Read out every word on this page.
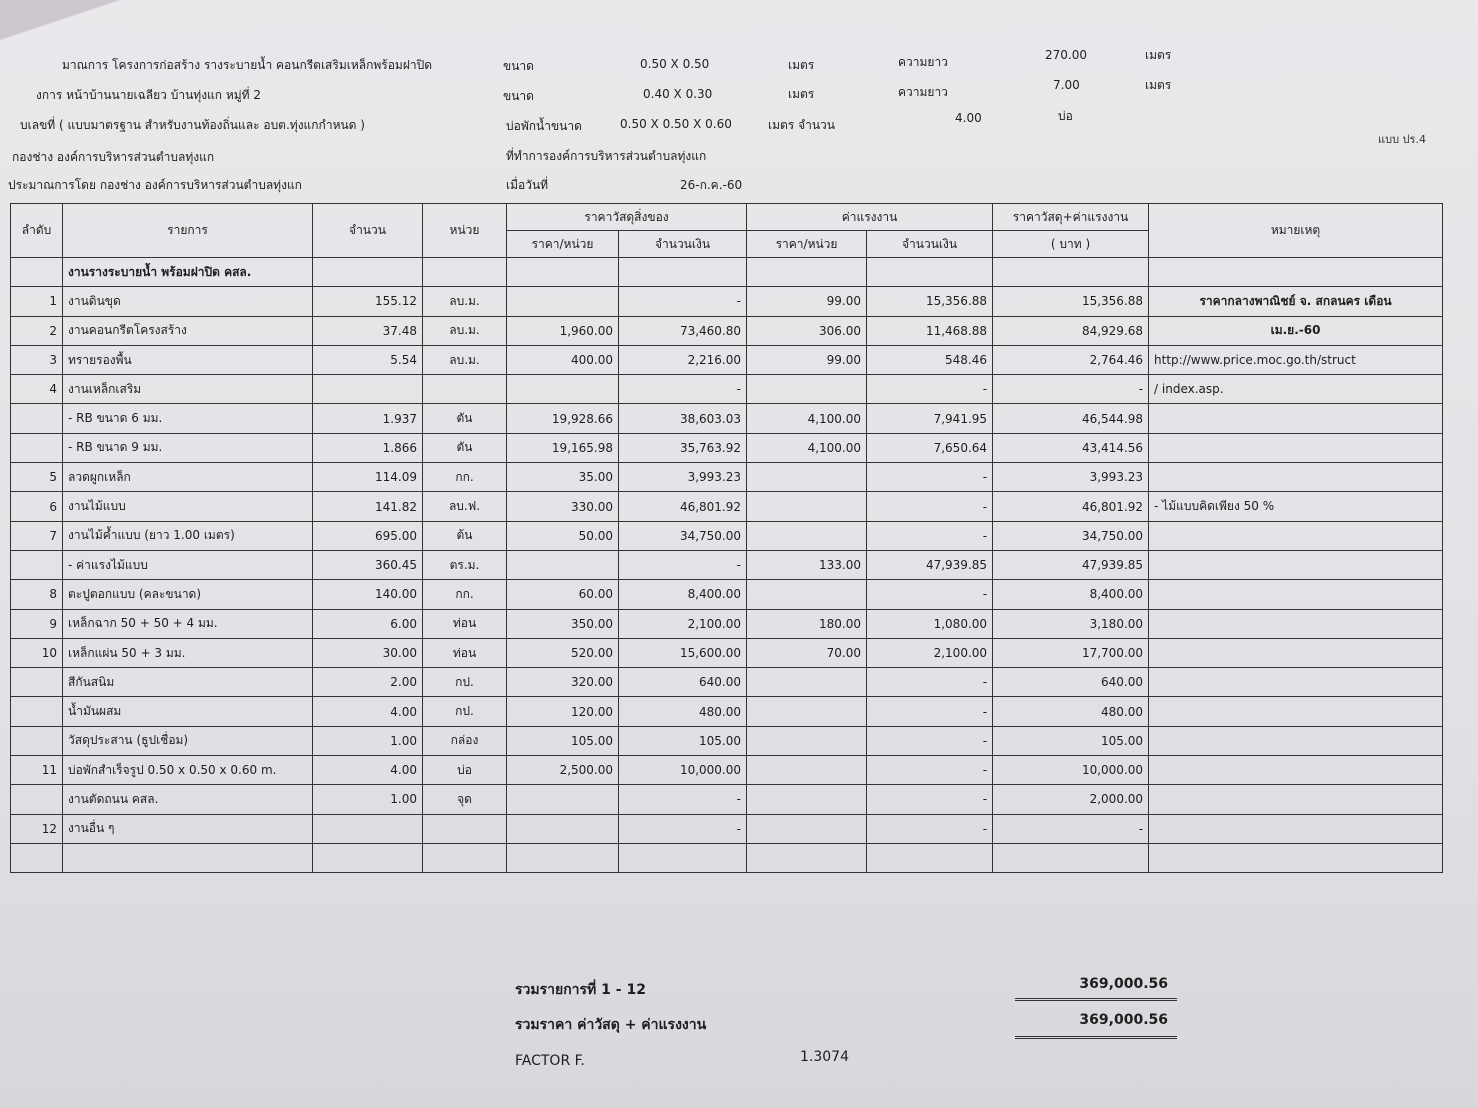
มาณการ โครงการก่อสร้าง รางระบายน้ำ คอนกรีตเสริมเหล็กพร้อมฝาปิด
งการ หน้าบ้านนายเฉลียว บ้านทุ่งแก หมู่ที่ 2
บเลขที่ ( แบบมาตรฐาน สำหรับงานท้องถิ่นและ อบต.ทุ่งแกกำหนด )
กองช่าง องค์การบริหารส่วนตำบลทุ่งแก
ประมาณการโดย กองช่าง องค์การบริหารส่วนตำบลทุ่งแก
ขนาด	0.50 X 0.50	เมตร	ความยาว	270.00	เมตร
ขนาด	0.40 X 0.30	เมตร	ความยาว	7.00	เมตร
บ่อพักน้ำขนาด	0.50 X 0.50 X 0.60	เมตร จำนวน	4.00	บ่อ
ที่ทำการองค์การบริหารส่วนตำบลทุ่งแก
เมื่อวันที่	26-ก.ค.-60
แบบ ปร.4
ลำดับ	รายการ	จำนวน	หน่วย	ราคาวัสดุสิ่งของ		ค่าแรงงาน		ราคาวัสดุ+ค่าแรงงาน	หมายเหตุ
				ราคา/หน่วย	จำนวนเงิน	ราคา/หน่วย	จำนวนเงิน	( บาท )	
	งานรางระบายน้ำ พร้อมฝาปิด คสล.								
1	งานดินขุด	155.12	ลบ.ม.		-	99.00	15,356.88	15,356.88	ราคากลางพาณิชย์ จ. สกลนคร เดือน
2	งานคอนกรีตโครงสร้าง	37.48	ลบ.ม.	1,960.00	73,460.80	306.00	11,468.88	84,929.68	เม.ย.-60
3	ทรายรองพื้น	5.54	ลบ.ม.	400.00	2,216.00	99.00	548.46	2,764.46	http://www.price.moc.go.th/struct
4	งานเหล็กเสริม				-		-	-	/ index.asp.
	- RB ขนาด 6 มม.	1.937	ตัน	19,928.66	38,603.03	4,100.00	7,941.95	46,544.98	
	- RB ขนาด 9 มม.	1.866	ตัน	19,165.98	35,763.92	4,100.00	7,650.64	43,414.56	
5	ลวดผูกเหล็ก	114.09	กก.	35.00	3,993.23		-	3,993.23	
6	งานไม้แบบ	141.82	ลบ.ฟ.	330.00	46,801.92		-	46,801.92	- ไม้แบบคิดเพียง 50 %
7	งานไม้ค้ำแบบ (ยาว 1.00 เมตร)	695.00	ต้น	50.00	34,750.00		-	34,750.00	
	- ค่าแรงไม้แบบ	360.45	ตร.ม.		-	133.00	47,939.85	47,939.85	
8	ตะปูตอกแบบ (คละขนาด)	140.00	กก.	60.00	8,400.00		-	8,400.00	
9	เหล็กฉาก 50 + 50 + 4 มม.	6.00	ท่อน	350.00	2,100.00	180.00	1,080.00	3,180.00	
10	เหล็กแผ่น 50 + 3 มม.	30.00	ท่อน	520.00	15,600.00	70.00	2,100.00	17,700.00	
	สีกันสนิม	2.00	กป.	320.00	640.00		-	640.00	
	น้ำมันผสม	4.00	กป.	120.00	480.00		-	480.00	
	วัสดุประสาน (ธูปเชื่อม)	1.00	กล่อง	105.00	105.00		-	105.00	
11	บ่อพักสำเร็จรูป 0.50 x 0.50 x 0.60 m.	4.00	บ่อ	2,500.00	10,000.00		-	10,000.00	
	งานตัดถนน คสล.	1.00	จุด		-		-	2,000.00	
12	งานอื่น ๆ				-		-	-	

รวมรายการที่ 1 - 12	369,000.56
รวมราคา ค่าวัสดุ + ค่าแรงงาน	369,000.56
FACTOR F.	1.3074
